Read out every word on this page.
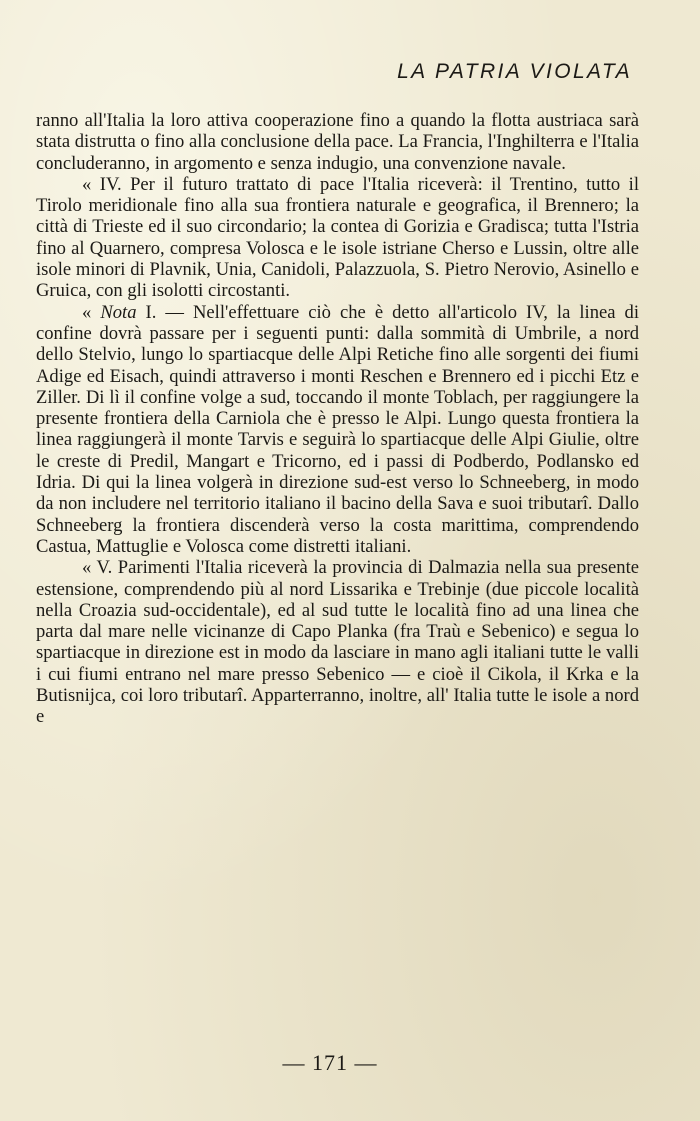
LA PATRIA VIOLATA

ranno all'Italia la loro attiva cooperazione fino a quando la flotta austriaca sarà stata distrutta o fino alla conclusione della pace. La Francia, l'Inghilterra e l'Italia concluderanno, in argomento e senza indugio, una convenzione navale.

« IV. Per il futuro trattato di pace l'Italia riceverà: il Trentino, tutto il Tirolo meridionale fino alla sua frontiera naturale e geografica, il Brennero; la città di Trieste ed il suo circondario; la contea di Gorizia e Gradisca; tutta l'Istria fino al Quarnero, compresa Volosca e le isole istriane Cherso e Lussin, oltre alle isole minori di Plavnik, Unia, Canidoli, Palazzuola, S. Pietro Nerovio, Asinello e Gruica, con gli isolotti circostanti.

« Nota I. — Nell'effettuare ciò che è detto all'articolo IV, la linea di confine dovrà passare per i seguenti punti: dalla sommità di Umbrile, a nord dello Stelvio, lungo lo spartiacque delle Alpi Retiche fino alle sorgenti dei fiumi Adige ed Eisach, quindi attraverso i monti Reschen e Brennero ed i picchi Etz e Ziller. Di lì il confine volge a sud, toccando il monte Toblach, per raggiungere la presente frontiera della Carniola che è presso le Alpi. Lungo questa frontiera la linea raggiungerà il monte Tarvis e seguirà lo spartiacque delle Alpi Giulie, oltre le creste di Predil, Mangart e Tricorno, ed i passi di Podberdo, Podlansko ed Idria. Di qui la linea volgerà in direzione sud-est verso lo Schneeberg, in modo da non includere nel territorio italiano il bacino della Sava e suoi tributarî. Dallo Schneeberg la frontiera discenderà verso la costa marittima, comprendendo Castua, Mattuglie e Volosca come distretti italiani.

« V. Parimenti l'Italia riceverà la provincia di Dalmazia nella sua presente estensione, comprendendo più al nord Lissarika e Trebinje (due piccole località nella Croazia sud-occidentale), ed al sud tutte le località fino ad una linea che parta dal mare nelle vicinanze di Capo Planka (fra Traù e Sebenico) e segua lo spartiacque in direzione est in modo da lasciare in mano agli italiani tutte le valli i cui fiumi entrano nel mare presso Sebenico — e cioè il Cikola, il Krka e la Butisnijca, coi loro tributarî. Apparterranno, inoltre, all' Italia tutte le isole a nord e

— 171 —
